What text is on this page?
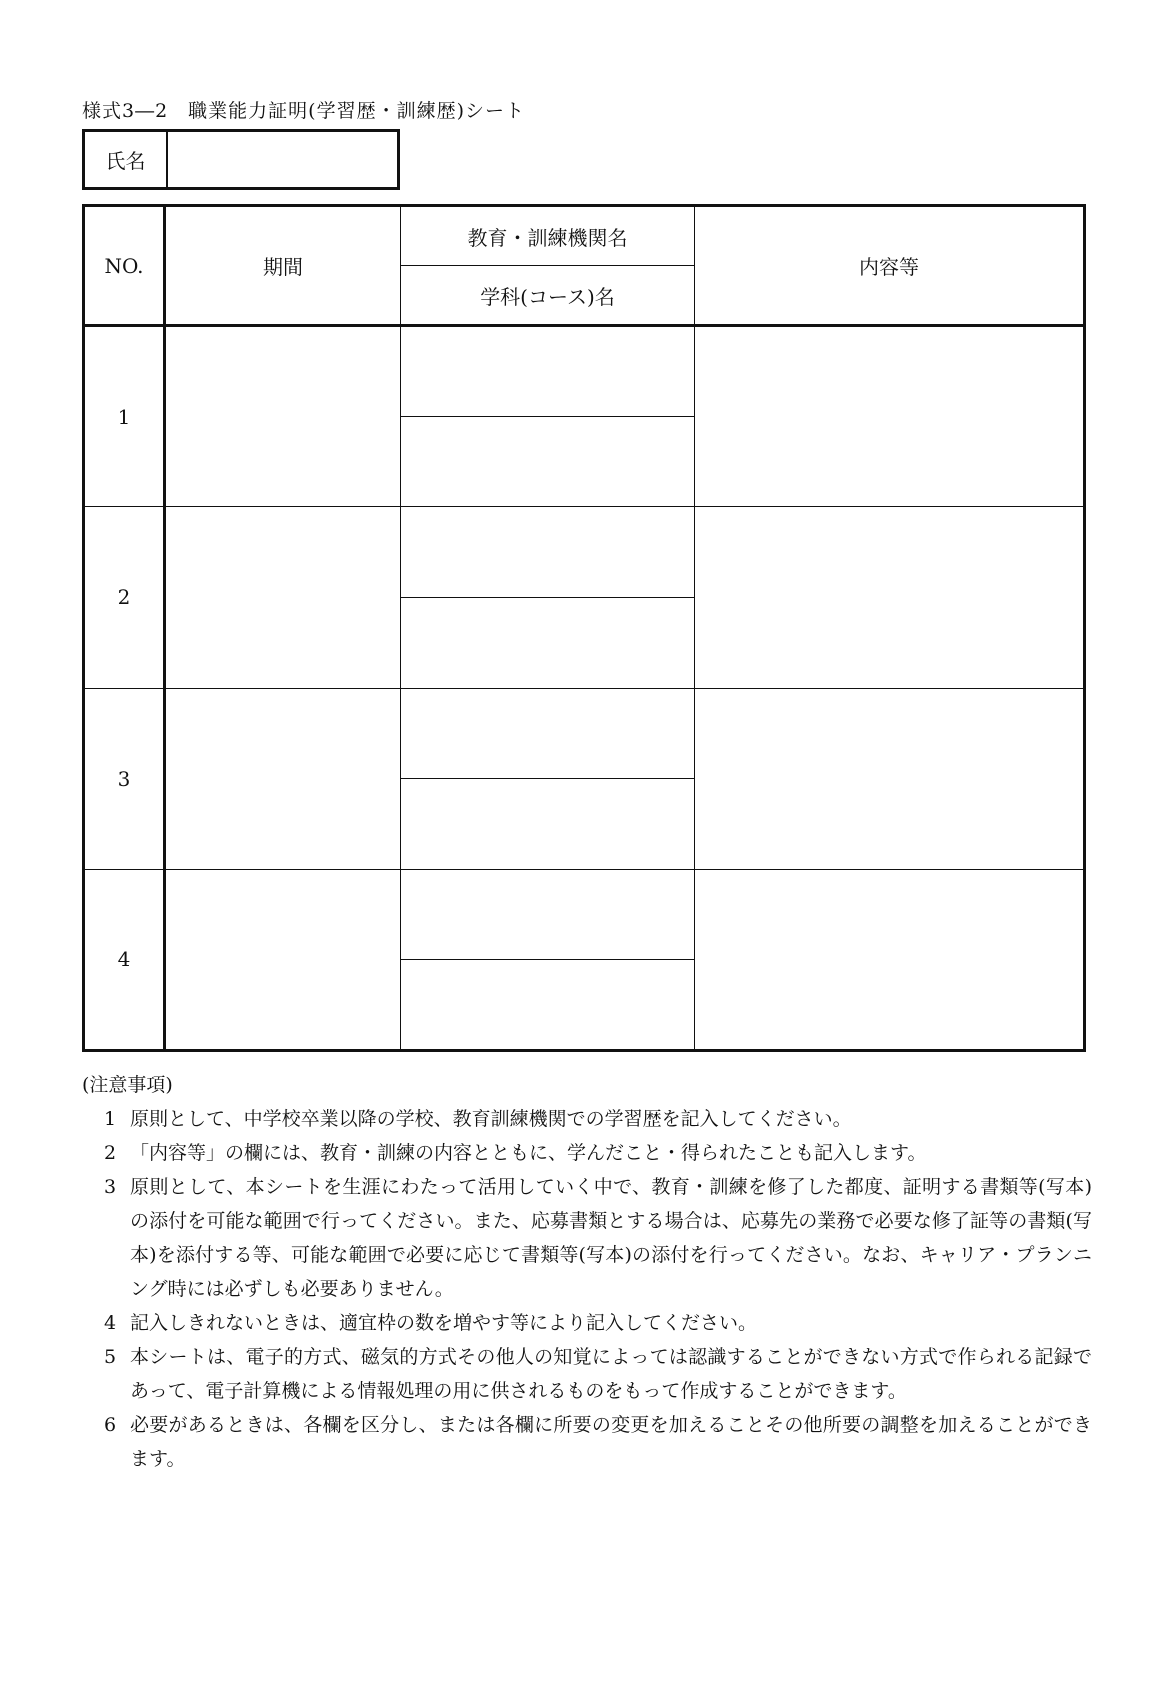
様式3―2　職業能力証明(学習歴・訓練歴)シート
氏名
NO.	期間	教育・訓練機関名	内容等
		学科(コース)名	
1			

2			

3			

4			

(注意事項)
1 原則として、中学校卒業以降の学校、教育訓練機関での学習歴を記入してください。
2 「内容等」の欄には、教育・訓練の内容とともに、学んだこと・得られたことも記入します。
3 原則として、本シートを生涯にわたって活用していく中で、教育・訓練を修了した都度、証明する書類等(写本)の添付を可能な範囲で行ってください。また、応募書類とする場合は、応募先の業務で必要な修了証等の書類(写本)を添付する等、可能な範囲で必要に応じて書類等(写本)の添付を行ってください。なお、キャリア・プランニング時には必ずしも必要ありません。
4 記入しきれないときは、適宜枠の数を増やす等により記入してください。
5 本シートは、電子的方式、磁気的方式その他人の知覚によっては認識することができない方式で作られる記録であって、電子計算機による情報処理の用に供されるものをもって作成することができます。
6 必要があるときは、各欄を区分し、または各欄に所要の変更を加えることその他所要の調整を加えることができます。
